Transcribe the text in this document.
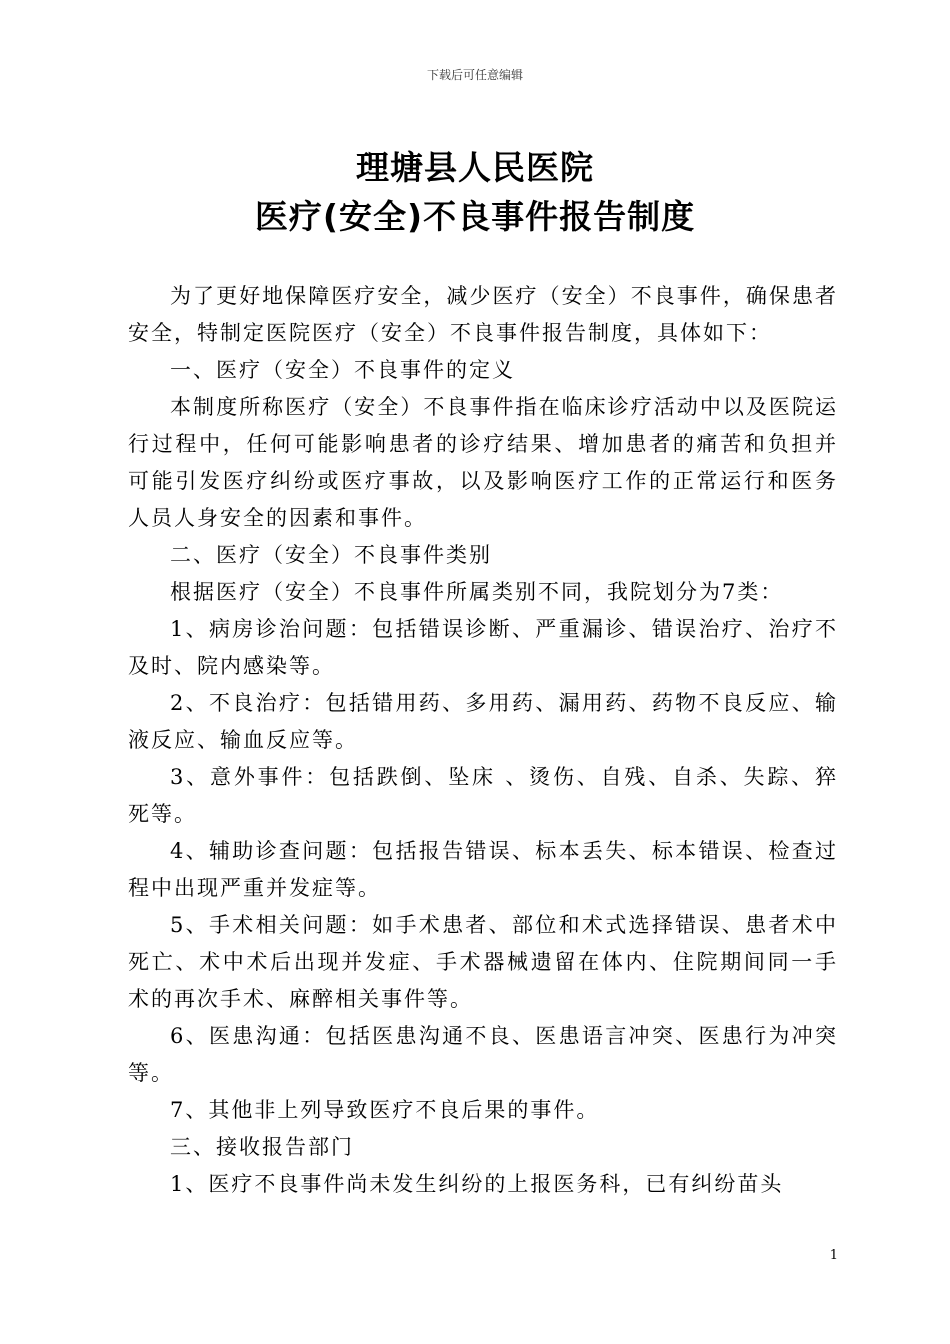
下载后可任意编辑
理塘县人民医院
医疗(安全)不良事件报告制度

为了更好地保障医疗安全，减少医疗（安全）不良事件，确保患者安全，特制定医院医疗（安全）不良事件报告制度，具体如下：

一、医疗（安全）不良事件的定义

本制度所称医疗（安全）不良事件指在临床诊疗活动中以及医院运行过程中，任何可能影响患者的诊疗结果、增加患者的痛苦和负担并可能引发医疗纠纷或医疗事故，以及影响医疗工作的正常运行和医务人员人身安全的因素和事件。

二、医疗（安全）不良事件类别

根据医疗（安全）不良事件所属类别不同，我院划分为7类：

1、病房诊治问题：包括错误诊断、严重漏诊、错误治疗、治疗不及时、院内感染等。

2、不良治疗：包括错用药、多用药、漏用药、药物不良反应、输液反应、输血反应等。

3、意外事件：包括跌倒、坠床 、烫伤、自残、自杀、失踪、猝死等。

4、辅助诊查问题：包括报告错误、标本丢失、标本错误、检查过程中出现严重并发症等。

5、手术相关问题：如手术患者、部位和术式选择错误、患者术中死亡、术中术后出现并发症、手术器械遗留在体内、住院期间同一手术的再次手术、麻醉相关事件等。

6、医患沟通：包括医患沟通不良、医患语言冲突、医患行为冲突等。

7、其他非上列导致医疗不良后果的事件。

三、接收报告部门

1、医疗不良事件尚未发生纠纷的上报医务科，已有纠纷苗头

1
